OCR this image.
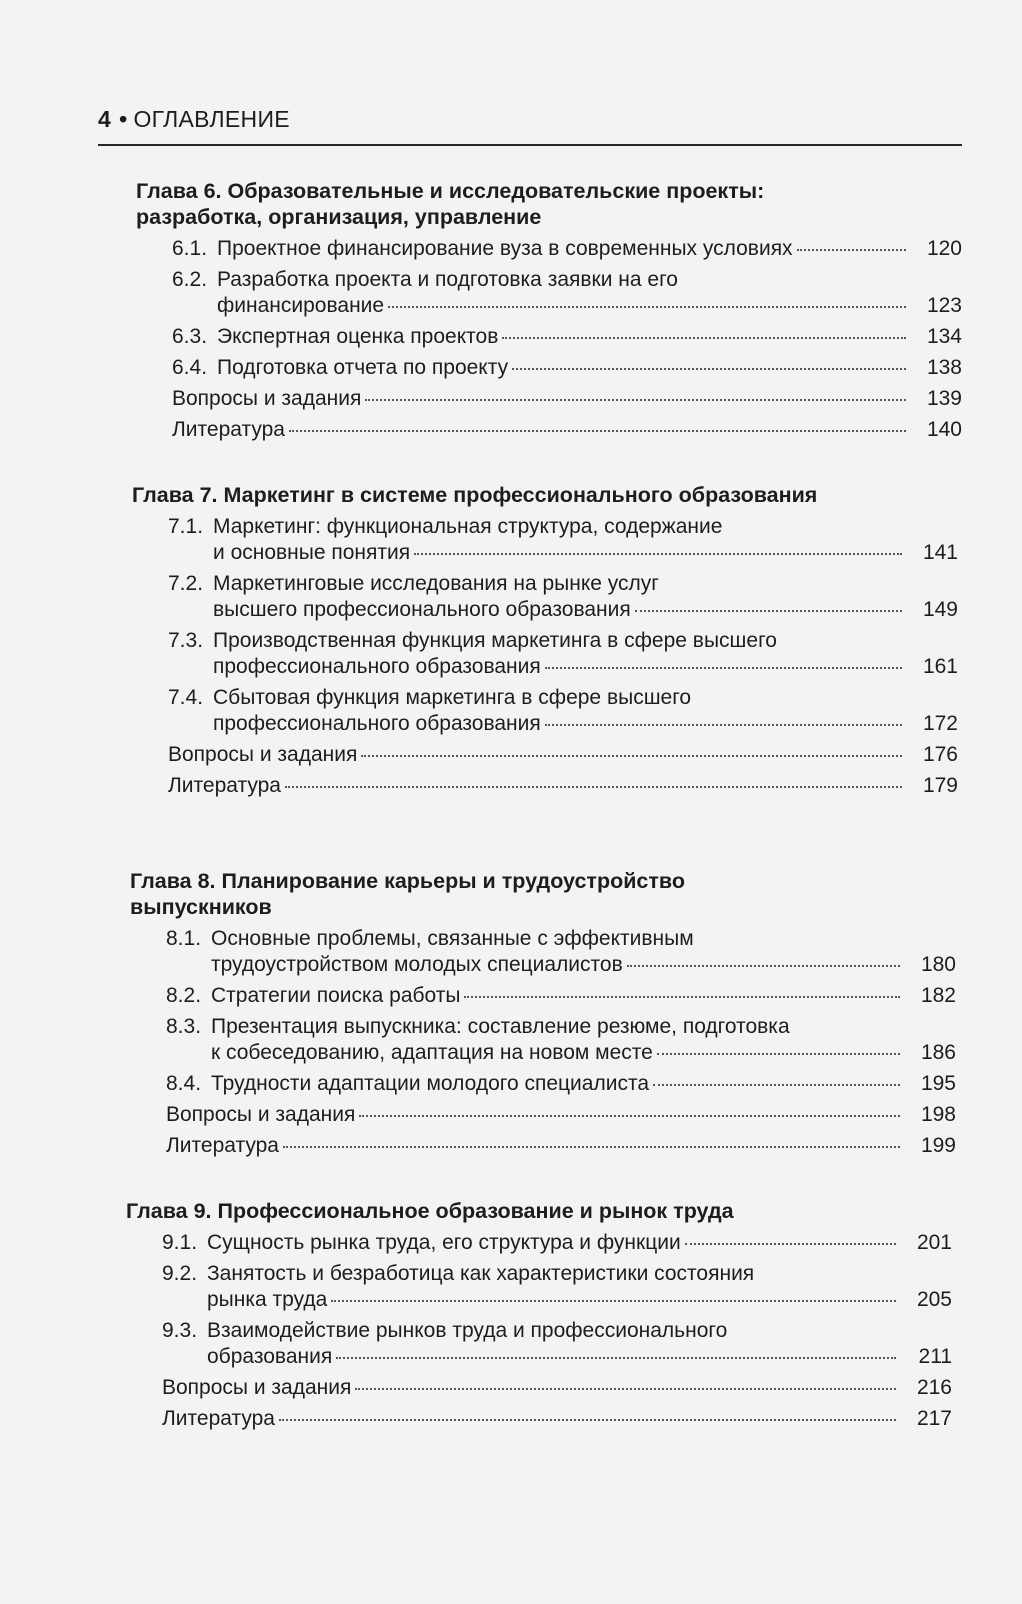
4 • ОГЛАВЛЕНИЕ
Глава 6. Образовательные и исследовательские проекты: разработка, организация, управление
6.1. Проектное финансирование вуза в современных условиях	120
6.2. Разработка проекта и подготовка заявки на его
финансирование	123
6.3. Экспертная оценка проектов	134
6.4. Подготовка отчета по проекту	138
Вопросы и задания	139
Литература	140
Глава 7. Маркетинг в системе профессионального образования
7.1. Маркетинг: функциональная структура, содержание
и основные понятия	141
7.2. Маркетинговые исследования на рынке услуг
высшего профессионального образования	149
7.3. Производственная функция маркетинга в сфере высшего
профессионального образования	161
7.4. Сбытовая функция маркетинга в сфере высшего
профессионального образования	172
Вопросы и задания	176
Литература	179
Глава 8. Планирование карьеры и трудоустройство выпускников
8.1. Основные проблемы, связанные с эффективным
трудоустройством молодых специалистов	180
8.2. Стратегии поиска работы	182
8.3. Презентация выпускника: составление резюме, подготовка
к собеседованию, адаптация на новом месте	186
8.4. Трудности адаптации молодого специалиста	195
Вопросы и задания	198
Литература	199
Глава 9. Профессиональное образование и рынок труда
9.1. Сущность рынка труда, его структура и функции	201
9.2. Занятость и безработица как характеристики состояния
рынка труда	205
9.3. Взаимодействие рынков труда и профессионального
образования	211
Вопросы и задания	216
Литература	217
